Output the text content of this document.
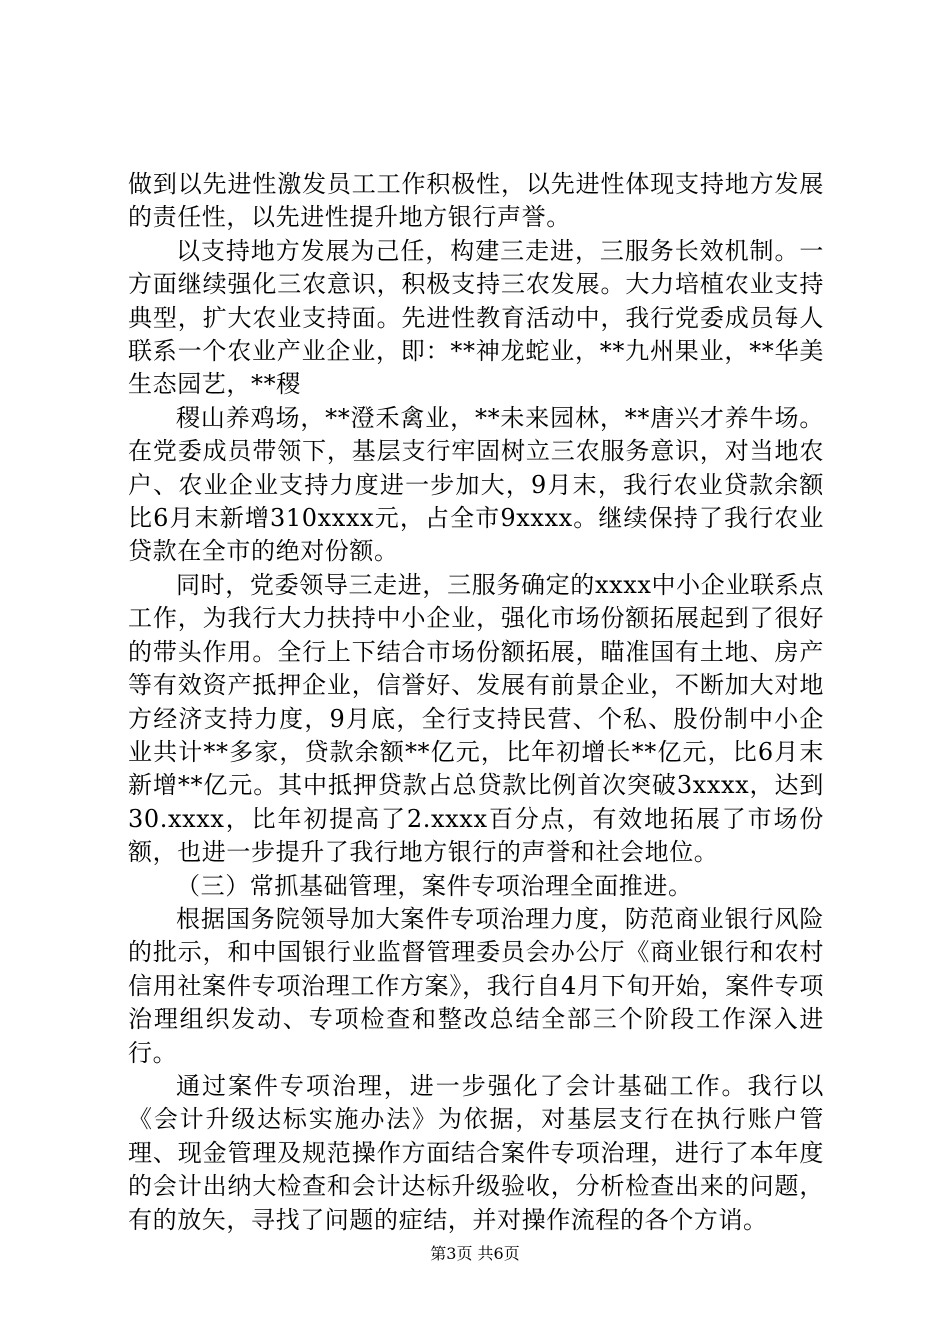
做到以先进性激发员工工作积极性，以先进性体现支持地方发展的责任性，以先进性提升地方银行声誉。

以支持地方发展为己任，构建三走进，三服务长效机制。一方面继续强化三农意识，积极支持三农发展。大力培植农业支持典型，扩大农业支持面。先进性教育活动中，我行党委成员每人联系一个农业产业企业，即：**神龙蛇业，**九州果业，**华美生态园艺，**稷

稷山养鸡场，**澄禾禽业，**未来园林，**唐兴才养牛场。在党委成员带领下，基层支行牢固树立三农服务意识，对当地农户、农业企业支持力度进一步加大，9月末，我行农业贷款余额比6月末新增310xxxx元，占全市9xxxx。继续保持了我行农业贷款在全市的绝对份额。

同时，党委领导三走进，三服务确定的xxxx中小企业联系点工作，为我行大力扶持中小企业，强化市场份额拓展起到了很好的带头作用。全行上下结合市场份额拓展，瞄准国有土地、房产等有效资产抵押企业，信誉好、发展有前景企业，不断加大对地方经济支持力度，9月底，全行支持民营、个私、股份制中小企业共计**多家，贷款余额**亿元，比年初增长**亿元，比6月末新增**亿元。其中抵押贷款占总贷款比例首次突破3xxxx，达到30.xxxx，比年初提高了2.xxxx百分点，有效地拓展了市场份额，也进一步提升了我行地方银行的声誉和社会地位。

（三）常抓基础管理，案件专项治理全面推进。

根据国务院领导加大案件专项治理力度，防范商业银行风险的批示，和中国银行业监督管理委员会办公厅《商业银行和农村信用社案件专项治理工作方案》，我行自4月下旬开始，案件专项治理组织发动、专项检查和整改总结全部三个阶段工作深入进行。

通过案件专项治理，进一步强化了会计基础工作。我行以《会计升级达标实施办法》为依据，对基层支行在执行账户管理、现金管理及规范操作方面结合案件专项治理，进行了本年度的会计出纳大检查和会计达标升级验收，分析检查出来的问题，有的放矢，寻找了问题的症结，并对操作流程的各个方诮。

第3页 共6页
